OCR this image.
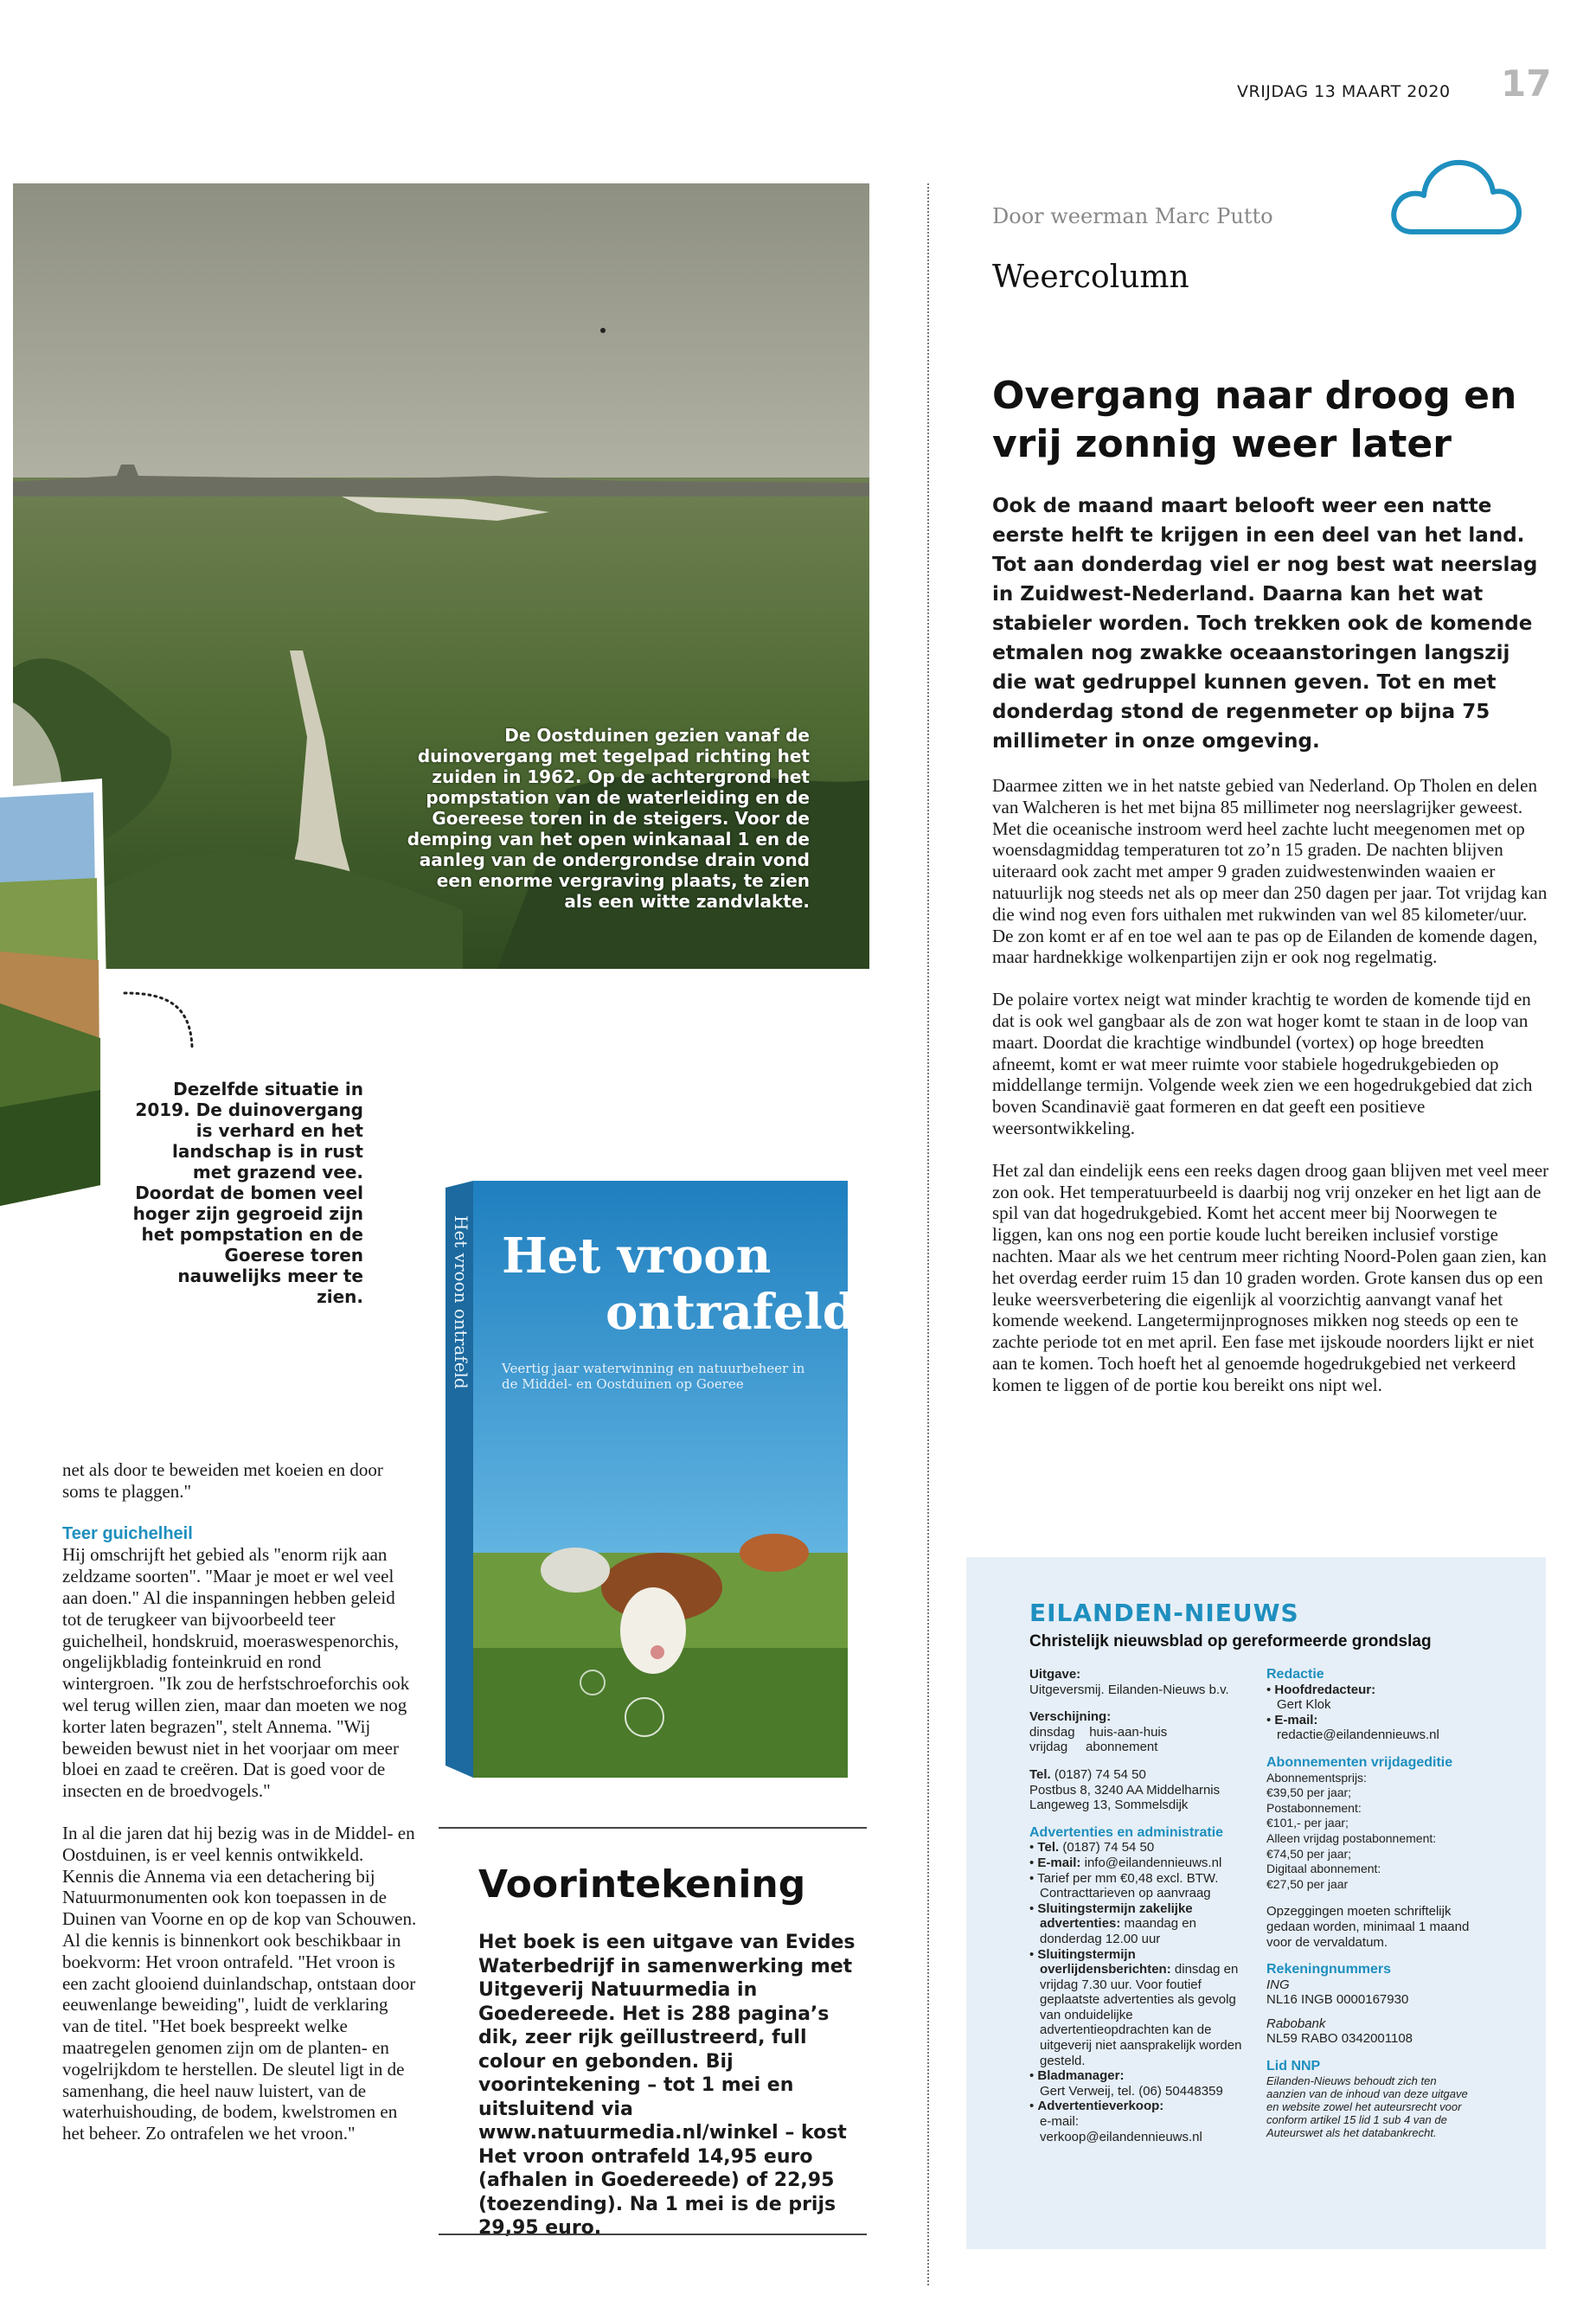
VRIJDAG 13 MAART 2020 17
De Oostduinen gezien vanaf de duinovergang met tegelpad richting het zuiden in 1962. Op de achtergrond het pompstation van de waterleiding en de Goereese toren in de steigers. Voor de demping van het open winkanaal 1 en de aanleg van de ondergrondse drain vond een enorme vergraving plaats, te zien als een witte zandvlakte.
Dezelfde situatie in 2019. De duinovergang is verhard en het landschap is in rust met grazend vee. Doordat de bomen veel hoger zijn gegroeid zijn het pompstation en de Goerese toren nauwelijks meer te zien.

net als door te beweiden met koeien en door soms te plaggen."

Teer guichelheil

Hij omschrijft het gebied als "enorm rijk aan zeldzame soorten". "Maar je moet er wel veel aan doen." Al die inspanningen hebben geleid tot de terugkeer van bijvoorbeeld teer guichelheil, hondskruid, moeraswespenorchis, ongelijkbladig fonteinkruid en rond wintergroen. "Ik zou de herfstschroeforchis ook wel terug willen zien, maar dan moeten we nog korter laten begrazen", stelt Annema. "Wij beweiden bewust niet in het voorjaar om meer bloei en zaad te creëren. Dat is goed voor de insecten en de broedvogels."

In al die jaren dat hij bezig was in de Middel- en Oostduinen, is er veel kennis ontwikkeld. Kennis die Annema via een detachering bij Natuurmonumenten ook kon toepassen in de Duinen van Voorne en op de kop van Schouwen. Al die kennis is binnenkort ook beschikbaar in boekvorm: Het vroon ontrafeld. "Het vroon is een zacht glooiend duinlandschap, ontstaan door eeuwenlange beweiding", luidt de verklaring van de titel. "Het boek bespreekt welke maatregelen genomen zijn om de planten- en vogelrijkdom te herstellen. De sleutel ligt in de samenhang, die heel nauw luistert, van de waterhuishouding, de bodem, kwelstromen en het beheer. Zo ontrafelen we het vroon."

Het vroon ontrafeld Het vroon
ontrafeld
Veertig jaar waterwinning en natuurbeheer in de Middel- en Oostduinen op Goeree
Voorintekening
Het boek is een uitgave van Evides Waterbedrijf in samenwerking met Uitgeverij Natuurmedia in Goedereede. Het is 288 pagina’s dik, zeer rijk geïllustreerd, full colour en gebonden. Bij voorintekening – tot 1 mei en uitsluitend via www.natuurmedia.nl/winkel – kost Het vroon ontrafeld 14,95 euro (afhalen in Goedereede) of 22,95 (toezending). Na 1 mei is de prijs 29,95 euro.
Door weerman Marc Putto
Weercolumn
Overgang naar droog en vrij zonnig weer later
Ook de maand maart belooft weer een natte eerste helft te krijgen in een deel van het land. Tot aan donderdag viel er nog best wat neerslag in Zuidwest-Nederland. Daarna kan het wat stabieler worden. Toch trekken ook de komende etmalen nog zwakke oceaanstoringen langszij die wat gedruppel kunnen geven. Tot en met donderdag stond de regenmeter op bijna 75 millimeter in onze omgeving.

Daarmee zitten we in het natste gebied van Nederland. Op Tholen en delen van Walcheren is het met bijna 85 millimeter nog neerslagrijker geweest. Met die oceanische instroom werd heel zachte lucht meegenomen met op woensdagmiddag temperaturen tot zo’n 15 graden. De nachten blijven uiteraard ook zacht met amper 9 graden zuidwestenwinden waaien er natuurlijk nog steeds net als op meer dan 250 dagen per jaar. Tot vrijdag kan die wind nog even fors uithalen met rukwinden van wel 85 kilometer/uur. De zon komt er af en toe wel aan te pas op de Eilanden de komende dagen, maar hardnekkige wolkenpartijen zijn er ook nog regelmatig.

De polaire vortex neigt wat minder krachtig te worden de komende tijd en dat is ook wel gangbaar als de zon wat hoger komt te staan in de loop van maart. Doordat die krachtige windbundel (vortex) op hoge breedten afneemt, komt er wat meer ruimte voor stabiele hogedrukgebieden op middellange termijn. Volgende week zien we een hogedrukgebied dat zich boven Scandinavië gaat formeren en dat geeft een positieve weersontwikkeling.

Het zal dan eindelijk eens een reeks dagen droog gaan blijven met veel meer zon ook. Het temperatuurbeeld is daarbij nog vrij onzeker en het ligt aan de spil van dat hogedrukgebied. Komt het accent meer bij Noorwegen te liggen, kan ons nog een portie koude lucht bereiken inclusief vorstige nachten. Maar als we het centrum meer richting Noord-Polen gaan zien, kan het overdag eerder ruim 15 dan 10 graden worden. Grote kansen dus op een leuke weersverbetering die eigenlijk al voorzichtig aanvangt vanaf het komende weekend. Langetermijnprognoses mikken nog steeds op een te zachte periode tot en met april. Een fase met ijskoude noorders lijkt er niet aan te komen. Toch hoeft het al genoemde hogedrukgebied net verkeerd komen te liggen of de portie kou bereikt ons nipt wel.

EILANDEN-NIEUWS
Christelijk nieuwsblad op gereformeerde grondslag
Uitgave:
Uitgeversmij. Eilanden-Nieuws b.v.
Verschijning:
dinsdag    huis-aan-huis
vrijdag     abonnement
Tel. (0187) 74 54 50
Postbus 8, 3240 AA Middelharnis
Langeweg 13, Sommelsdijk
Advertenties en administratie
• Tel. (0187) 74 54 50
• E-mail: info@eilandennieuws.nl
• Tarief per mm €0,48 excl. BTW. Contracttarieven op aanvraag
• Sluitingstermijn zakelijke advertenties: maandag en donderdag 12.00 uur
• Sluitingstermijn overlijdensberichten: dinsdag en vrijdag 7.30 uur. Voor foutief geplaatste advertenties als gevolg van onduidelijke advertentieopdrachten kan de uitgeverij niet aansprakelijk worden gesteld.
• Bladmanager:
Gert Verweij, tel. (06) 50448359
• Advertentieverkoop:
e-mail:
verkoop@eilandennieuws.nl
Redactie
• Hoofdredacteur:
Gert Klok
• E-mail:
redactie@eilandennieuws.nl
Abonnementen vrijdageditie
Abonnementsprijs:
€39,50 per jaar;
Postabonnement:
€101,- per jaar;
Alleen vrijdag postabonnement:
€74,50 per jaar;
Digitaal abonnement:
€27,50 per jaar
Opzeggingen moeten schriftelijk gedaan worden, minimaal 1 maand voor de vervaldatum.
Rekeningnummers
ING
NL16 INGB 0000167930
Rabobank
NL59 RABO 0342001108
Lid NNP
Eilanden-Nieuws behoudt zich ten aanzien van de inhoud van deze uitgave en website zowel het auteursrecht voor conform artikel 15 lid 1 sub 4 van de Auteurswet als het databankrecht.
